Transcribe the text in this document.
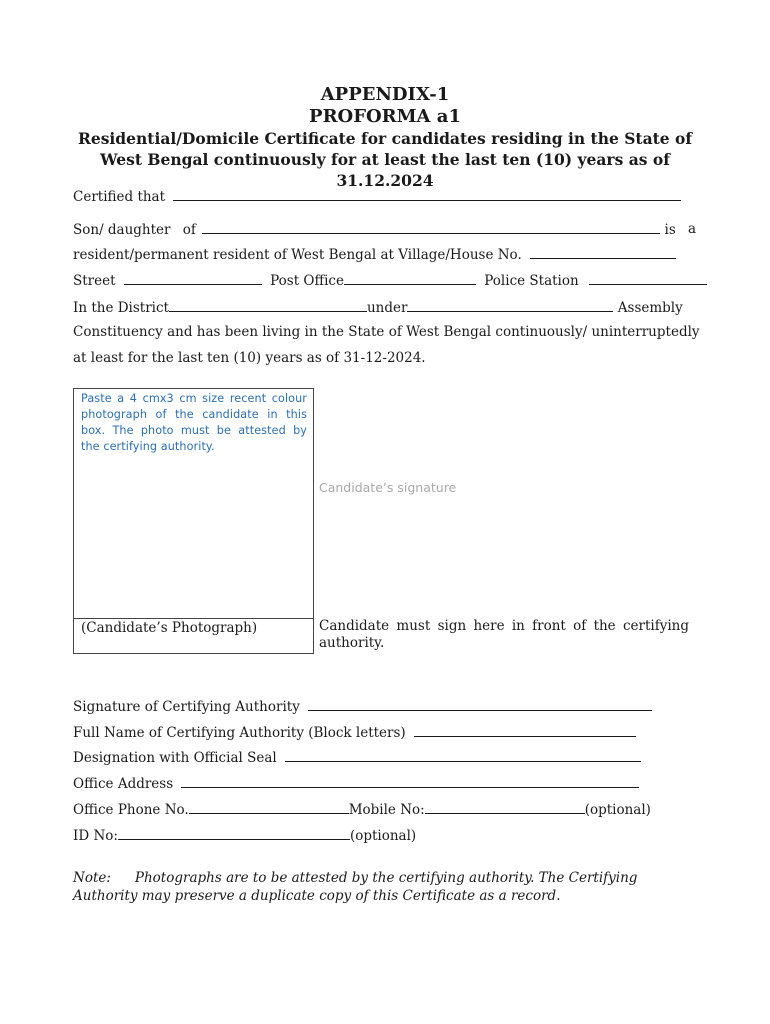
APPENDIX-1
PROFORMA a1
Residential/Domicile Certificate for candidates residing in the State of
West Bengal continuously for at least the last ten (10) years as of
31.12.2024
Certified that
Son/ daughter of	is a
resident/permanent resident of West Bengal at Village/House No.
Street	Post Office	Police Station
In the District	under	Assembly
Constituency and has been living in the State of West Bengal continuously/ uninterruptedly
at least for the last ten (10) years as of 31-12-2024.
Paste a 4 cmx3 cm size recent colour photograph of the candidate in this box. The photo must be attested by the certifying authority.
(Candidate’s Photograph)
Candidate’s signature
Candidate must sign here in front of the certifying authority.
Signature of Certifying Authority
Full Name of Certifying Authority (Block letters)
Designation with Official Seal
Office Address
Office Phone No.	Mobile No:	(optional)
ID No:	(optional)
Note: Photographs are to be attested by the certifying authority. The Certifying Authority may preserve a duplicate copy of this Certificate as a record.
